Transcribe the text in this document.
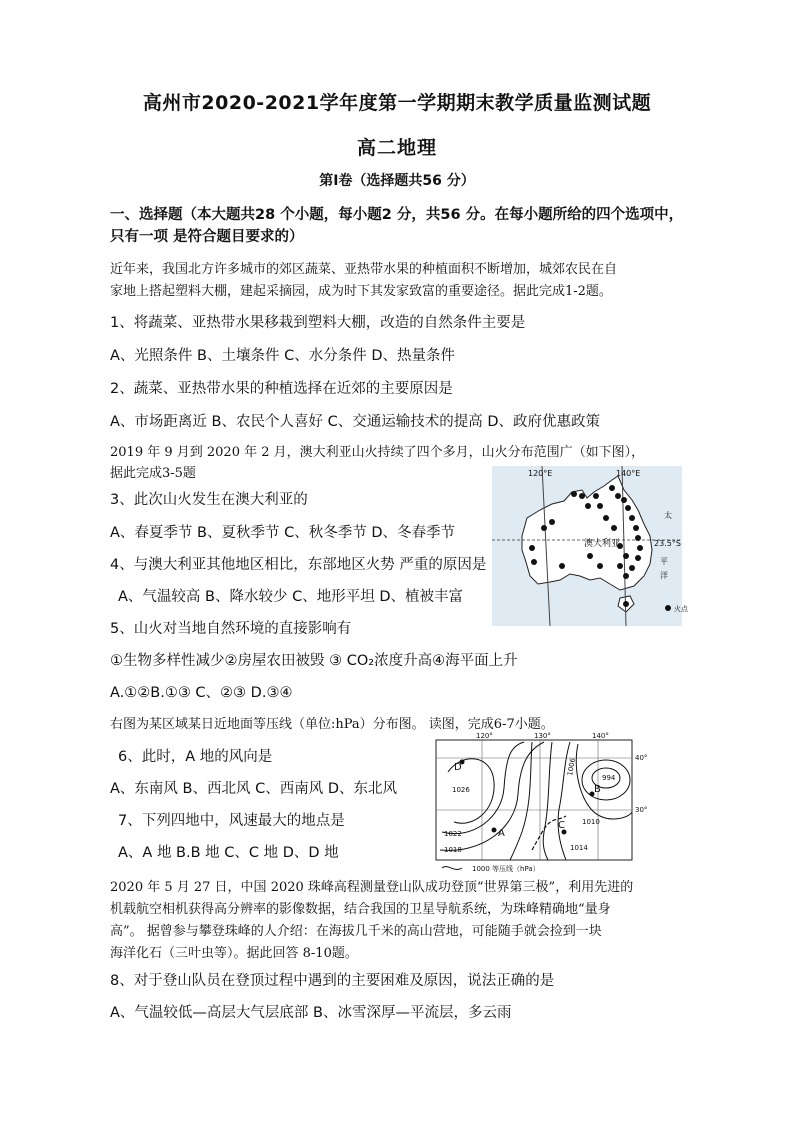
高州市2020-2021学年度第一学期期末教学质量监测试题
高二地理
第Ⅰ卷（选择题共56 分）
一、选择题（本大题共28 个小题，每小题2 分，共56 分。在每小题所给的四个选项中，
只有一项 是符合题目要求的）
近年来，我国北方许多城市的郊区蔬菜、亚热带水果的种植面积不断增加，城郊农民在自
家地上搭起塑料大棚，建起采摘园，成为时下其发家致富的重要途径。据此完成1-2题。
1、将蔬菜、亚热带水果移栽到塑料大棚，改造的自然条件主要是
A、光照条件 B、土壤条件 C、水分条件 D、热量条件
2、蔬菜、亚热带水果的种植选择在近郊的主要原因是
A、市场距离近 B、农民个人喜好 C、交通运输技术的提高 D、政府优惠政策
2019 年 9 月到 2020 年 2 月，澳大利亚山火持续了四个多月，山火分布范围广（如下图），
据此完成3-5题
3、此次山火发生在澳大利亚的
A、春夏季节 B、夏秋季节 C、秋冬季节 D、冬春季节
4、与澳大利亚其他地区相比，东部地区火势 严重的原因是
A、气温较高 B、降水较少 C、地形平坦 D、植被丰富
5、山火对当地自然环境的直接影响有
①生物多样性减少②房屋农田被毁 ③ CO₂浓度升高④海平面上升
A.①②B.①③ C、②③ D.③④
120°E	140°E
澳大利亚	23.5°S
太
平
洋
火点
右图为某区域某日近地面等压线（单位:hPa）分布图。 读图，完成6-7小题。
6、此时，A 地的风向是
A、东南风 B、西北风 C、西南风 D、东北风
7、下列四地中，风速最大的地点是
A、A 地 B.B 地 C、C 地 D、D 地
D
A
B
C
120°	130°	140°
40°
30°
1026
1022
1018
1006
994
1010
1014
1000 等压线（hPa）
2020 年 5 月 27 日，中国 2020 珠峰高程测量登山队成功登顶“世界第三极”，利用先进的
机载航空相机获得高分辨率的影像数据，结合我国的卫星导航系统，为珠峰精确地“量身
高”。 据曾参与攀登珠峰的人介绍：在海拔几千米的高山营地，可能随手就会捡到一块
海洋化石（三叶虫等）。据此回答 8-10题。
8、对于登山队员在登顶过程中遇到的主要困难及原因，说法正确的是
A、气温较低—高层大气层底部 B、冰雪深厚—平流层，多云雨
